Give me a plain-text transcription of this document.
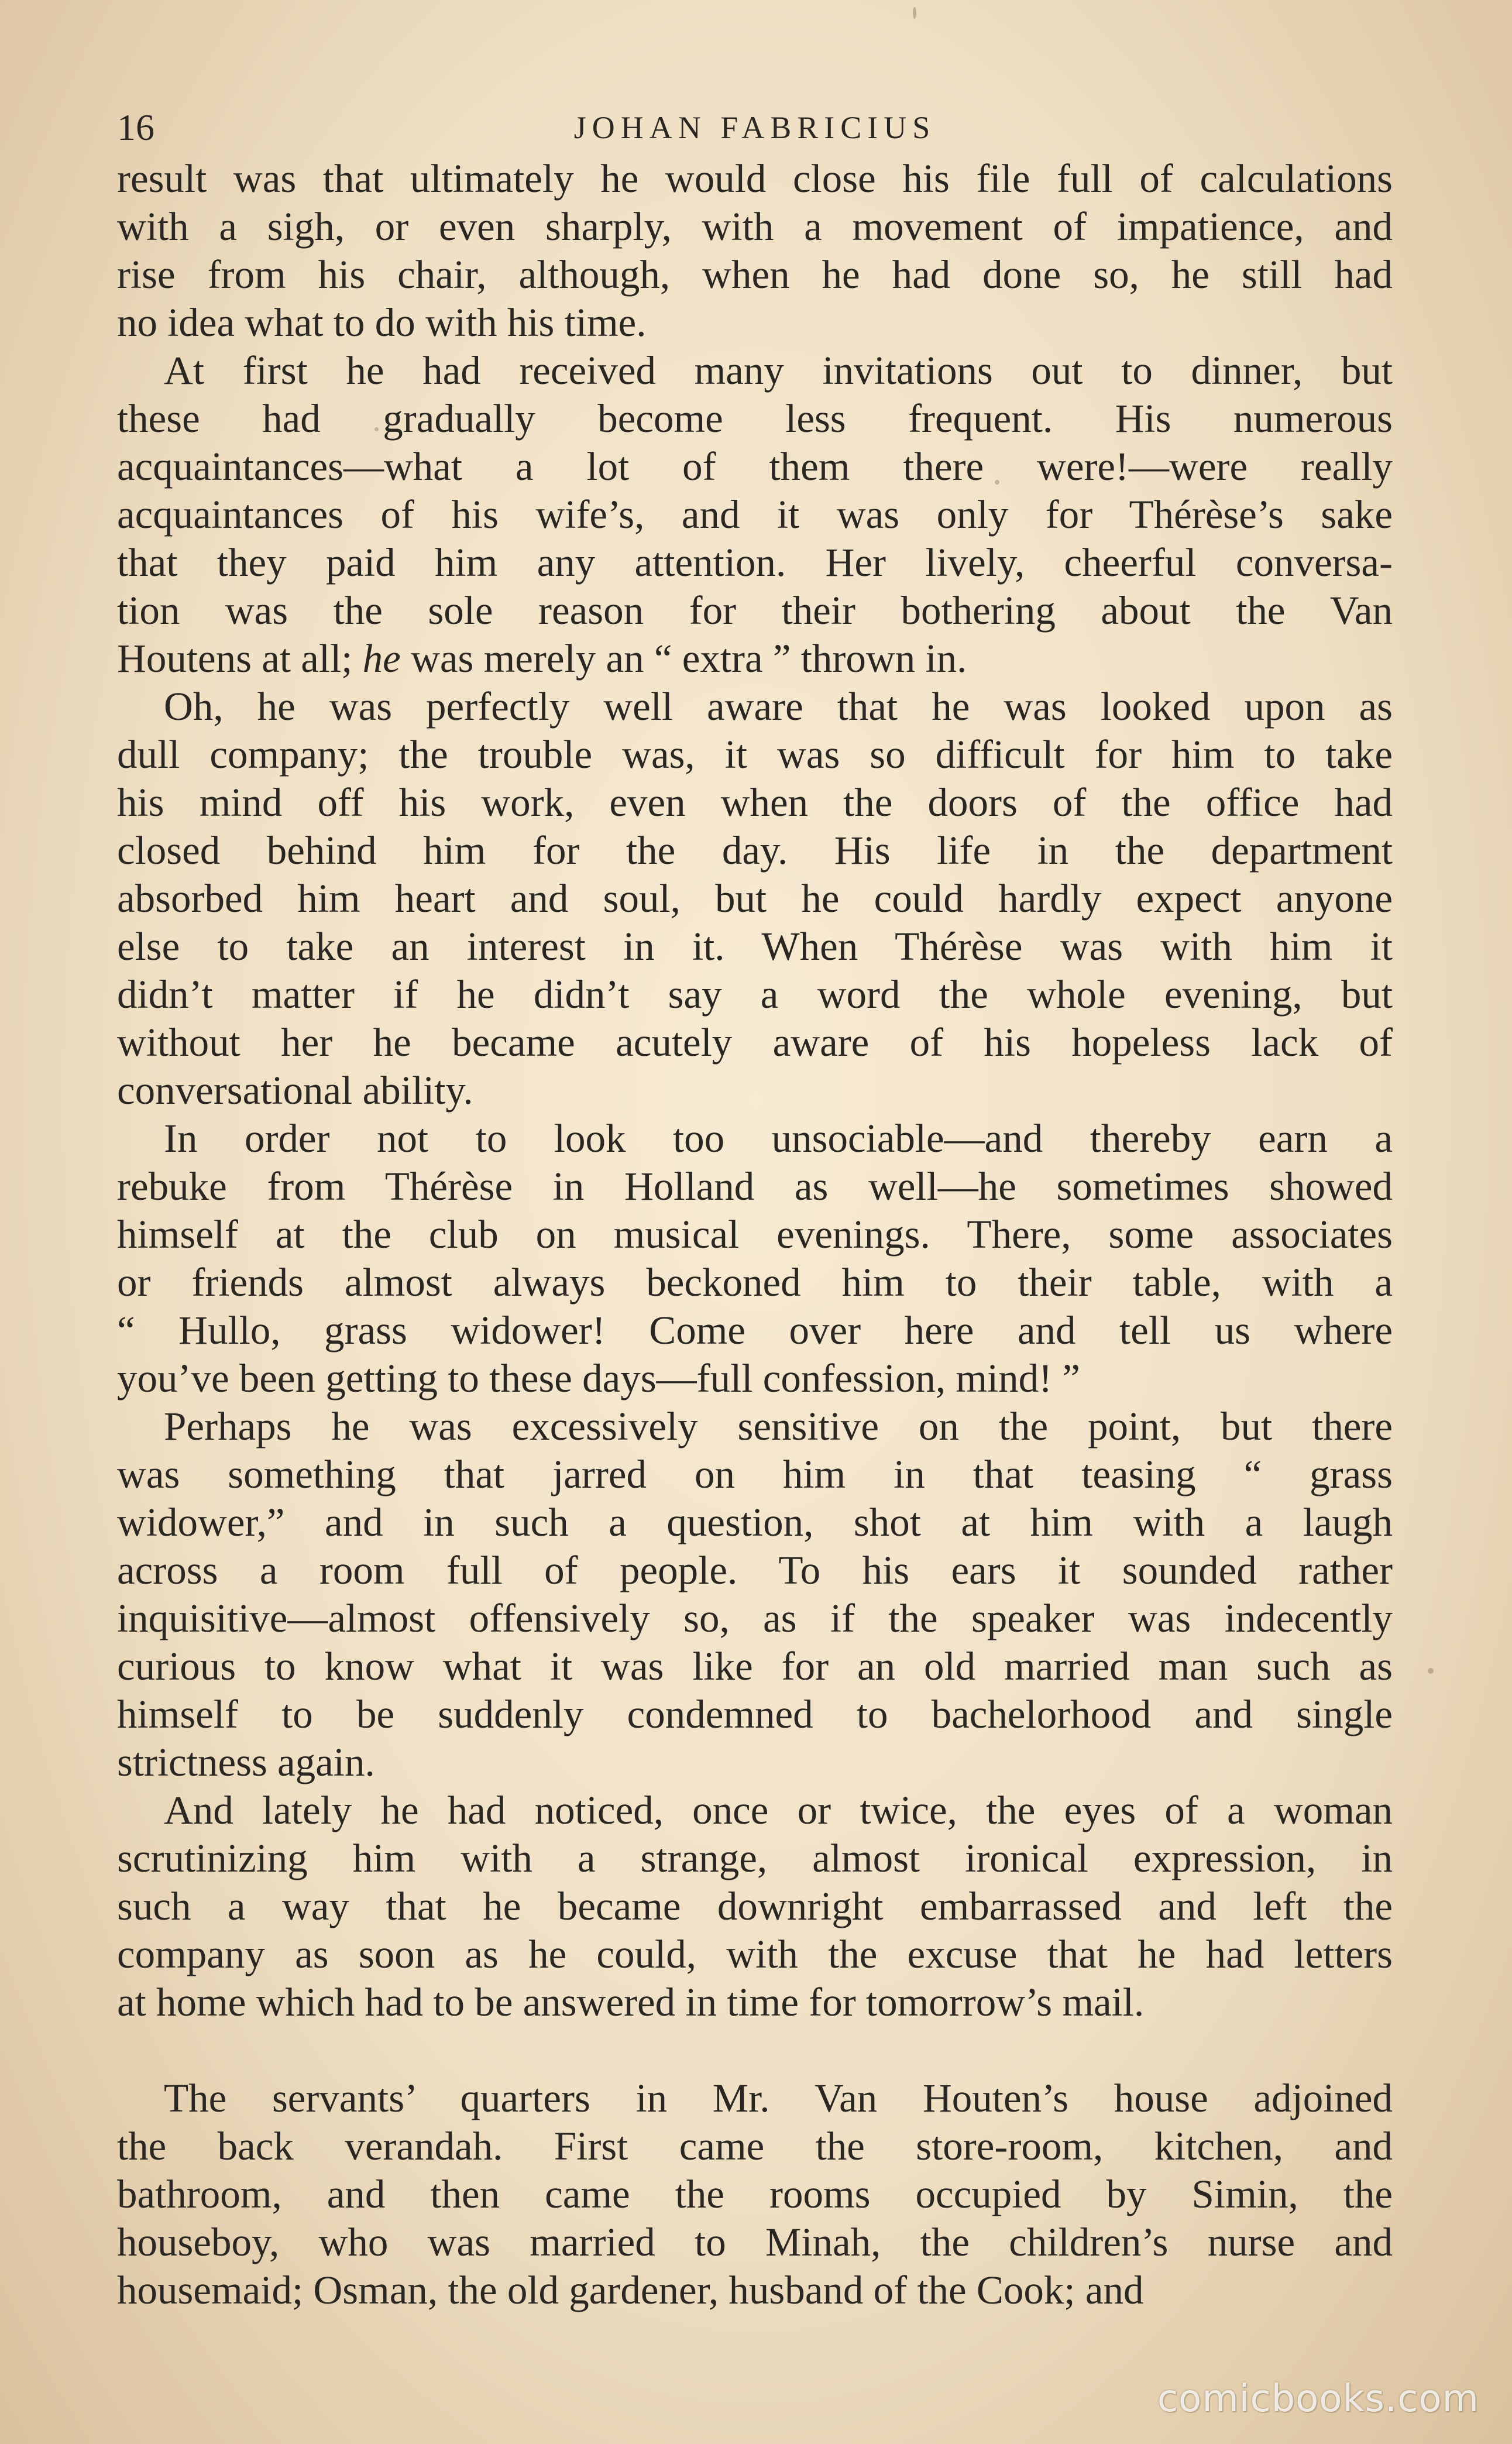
16	JOHAN FABRICIUS

result was that ultimately he would close his file full of calculations
with a sigh, or even sharply, with a movement of impatience, and
rise from his chair, although, when he had done so, he still had
no idea what to do with his time.

At first he had received many invitations out to dinner, but
these had gradually become less frequent. His numerous
acquaintances—what a lot of them there were!—were really
acquaintances of his wife’s, and it was only for Thérèse’s sake
that they paid him any attention. Her lively, cheerful conversa-
tion was the sole reason for their bothering about the Van
Houtens at all; he was merely an “ extra ” thrown in.

Oh, he was perfectly well aware that he was looked upon as
dull company; the trouble was, it was so difficult for him to take
his mind off his work, even when the doors of the office had
closed behind him for the day. His life in the department
absorbed him heart and soul, but he could hardly expect anyone
else to take an interest in it. When Thérèse was with him it
didn’t matter if he didn’t say a word the whole evening, but
without her he became acutely aware of his hopeless lack of
conversational ability.

In order not to look too unsociable—and thereby earn a
rebuke from Thérèse in Holland as well—he sometimes showed
himself at the club on musical evenings. There, some associates
or friends almost always beckoned him to their table, with a
“ Hullo, grass widower! Come over here and tell us where
you’ve been getting to these days—full confession, mind! ”

Perhaps he was excessively sensitive on the point, but there
was something that jarred on him in that teasing “ grass
widower,” and in such a question, shot at him with a laugh
across a room full of people. To his ears it sounded rather
inquisitive—almost offensively so, as if the speaker was indecently
curious to know what it was like for an old married man such as
himself to be suddenly condemned to bachelorhood and single
strictness again.

And lately he had noticed, once or twice, the eyes of a woman
scrutinizing him with a strange, almost ironical expression, in
such a way that he became downright embarrassed and left the
company as soon as he could, with the excuse that he had letters
at home which had to be answered in time for tomorrow’s mail.

The servants’ quarters in Mr. Van Houten’s house adjoined
the back verandah. First came the store-room, kitchen, and
bathroom, and then came the rooms occupied by Simin, the
houseboy, who was married to Minah, the children’s nurse and
housemaid; Osman, the old gardener, husband of the Cook; and

comicbooks.com
